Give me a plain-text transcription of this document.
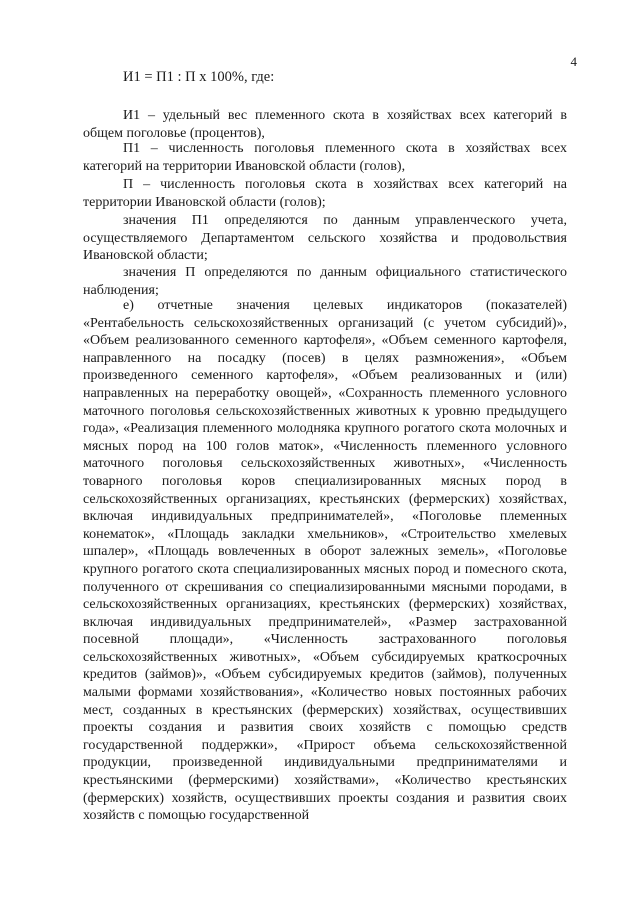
4
И1 = П1 : П х 100%, где:

И1 – удельный вес племенного скота в хозяйствах всех категорий в общем поголовье (процентов),

П1 – численность поголовья племенного скота в хозяйствах всех категорий на территории Ивановской области (голов),

П – численность поголовья скота в хозяйствах всех категорий на территории Ивановской области (голов);

значения П1 определяются по данным управленческого учета, осуществляемого Департаментом сельского хозяйства и продовольствия Ивановской области;

значения П определяются по данным официального статистического наблюдения;

е) отчетные значения целевых индикаторов (показателей) «Рентабельность сельскохозяйственных организаций (с учетом субсидий)», «Объем реализованного семенного картофеля», «Объем семенного картофеля, направленного на посадку (посев) в целях размножения», «Объем произведенного семенного картофеля», «Объем реализованных и (или) направленных на переработку овощей», «Сохранность племенного условного маточного поголовья сельскохозяйственных животных к уровню предыдущего года», «Реализация племенного молодняка крупного рогатого скота молочных и мясных пород на 100 голов маток», «Численность племенного условного маточного поголовья сельскохозяйственных животных», «Численность товарного поголовья коров специализированных мясных пород в сельскохозяйственных организациях, крестьянских (фермерских) хозяйствах, включая индивидуальных предпринимателей», «Поголовье племенных конематок», «Площадь закладки хмельников», «Строительство хмелевых шпалер», «Площадь вовлеченных в оборот залежных земель», «Поголовье крупного рогатого скота специализированных мясных пород и помесного скота, полученного от скрешивания со специализированными мясными породами, в сельскохозяйственных организациях, крестьянских (фермерских) хозяйствах, включая индивидуальных предпринимателей», «Размер застрахованной посевной площади», «Численность застрахованного поголовья сельскохозяйственных животных», «Объем субсидируемых краткосрочных кредитов (займов)», «Объем субсидируемых кредитов (займов), полученных малыми формами хозяйствования», «Количество новых постоянных рабочих мест, созданных в крестьянских (фермерских) хозяйствах, осуществивших проекты создания и развития своих хозяйств с помощью средств государственной поддержки», «Прирост объема сельскохозяйственной продукции, произведенной индивидуальными предпринимателями и крестьянскими (фермерскими) хозяйствами», «Количество крестьянских (фермерских) хозяйств, осуществивших проекты создания и развития своих хозяйств с помощью государственной
